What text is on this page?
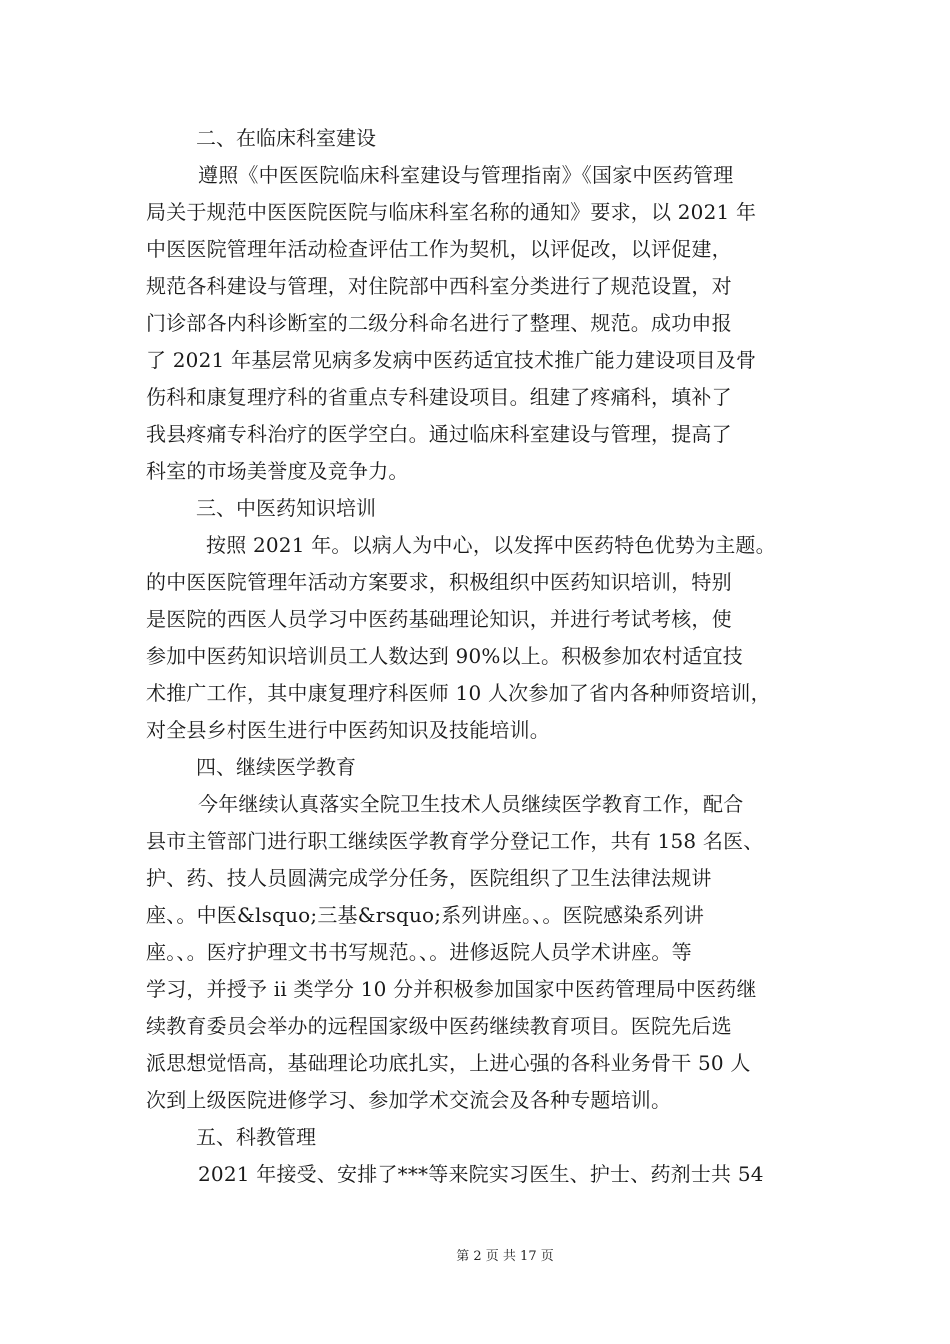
二、在临床科室建设

遵照《中医医院临床科室建设与管理指南》《国家中医药管理

局关于规范中医医院医院与临床科室名称的通知》要求，以 2021 年

中医医院管理年活动检查评估工作为契机，以评促改，以评促建，

规范各科建设与管理，对住院部中西科室分类进行了规范设置，对

门诊部各内科诊断室的二级分科命名进行了整理、规范。成功申报

了 2021 年基层常见病多发病中医药适宜技术推广能力建设项目及骨

伤科和康复理疗科的省重点专科建设项目。组建了疼痛科，填补了

我县疼痛专科治疗的医学空白。通过临床科室建设与管理，提高了

科室的市场美誉度及竞争力。

三、中医药知识培训

按照 2021 年。以病人为中心，以发挥中医药特色优势为主题。

的中医医院管理年活动方案要求，积极组织中医药知识培训，特别

是医院的西医人员学习中医药基础理论知识，并进行考试考核，使

参加中医药知识培训员工人数达到 90%以上。积极参加农村适宜技

术推广工作，其中康复理疗科医师 10 人次参加了省内各种师资培训，

对全县乡村医生进行中医药知识及技能培训。

四、继续医学教育

今年继续认真落实全院卫生技术人员继续医学教育工作，配合

县市主管部门进行职工继续医学教育学分登记工作，共有 158 名医、

护、药、技人员圆满完成学分任务，医院组织了卫生法律法规讲

座、。中医&lsquo;三基&rsquo;系列讲座。、。医院感染系列讲

座。、。医疗护理文书书写规范。、。进修返院人员学术讲座。等

学习，并授予 ii 类学分 10 分并积极参加国家中医药管理局中医药继

续教育委员会举办的远程国家级中医药继续教育项目。医院先后选

派思想觉悟高，基础理论功底扎实，上进心强的各科业务骨干 50 人

次到上级医院进修学习、参加学术交流会及各种专题培训。

五、科教管理

2021 年接受、安排了***等来院实习医生、护士、药剂士共 54

第 2 页 共 17 页
